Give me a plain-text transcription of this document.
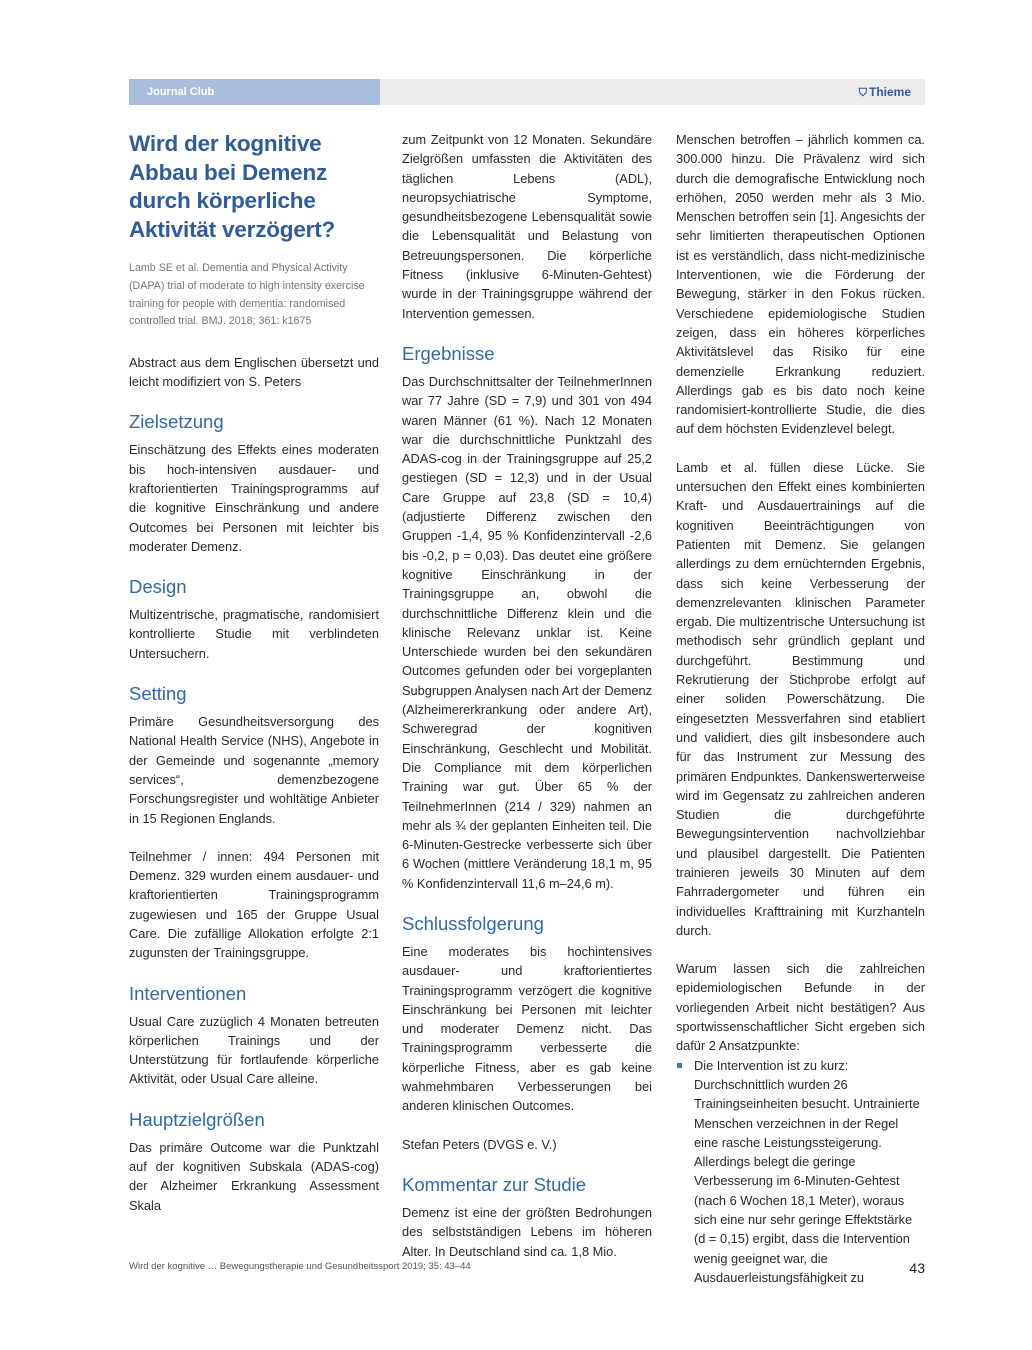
Journal Club	⛉ Thieme
Wird der kognitive Abbau bei Demenz durch körperliche Aktivität verzögert?

Lamb SE et al. Dementia and Physical Activity (DAPA) trial of moderate to high intensity exercise training for people with dementia: randomised controlled trial. BMJ. 2018; 361: k1675

Abstract aus dem Englischen übersetzt und leicht modifiziert von S. Peters

Zielsetzung

Einschätzung des Effekts eines moderaten bis hoch-intensiven ausdauer- und kraftorientierten Trainingsprogramms auf die kognitive Einschränkung und andere Outcomes bei Personen mit leichter bis moderater Demenz.

Design

Multizentrische, pragmatische, randomisiert kontrollierte Studie mit verblindeten Untersuchern.

Setting

Primäre Gesundheitsversorgung des National Health Service (NHS), Angebote in der Gemeinde und sogenannte „memory services“, demenzbezogene Forschungsregister und wohltätige Anbieter in 15 Regionen Englands.

Teilnehmer / innen: 494 Personen mit Demenz. 329 wurden einem ausdauer- und kraftorientierten Trainingsprogramm zugewiesen und 165 der Gruppe Usual Care. Die zufällige Allokation erfolgte 2:1 zugunsten der Trainingsgruppe.

Interventionen

Usual Care zuzüglich 4 Monaten betreuten körperlichen Trainings und der Unterstützung für fortlaufende körperliche Aktivität, oder Usual Care alleine.

Hauptzielgrößen

Das primäre Outcome war die Punktzahl auf der kognitiven Subskala (ADAS-cog) der Alzheimer Erkrankung Assessment Skala

zum Zeitpunkt von 12 Monaten. Sekundäre Zielgrößen umfassten die Aktivitäten des täglichen Lebens (ADL), neuropsychiatrische Symptome, gesundheitsbezogene Lebensqualität sowie die Lebensqualität und Belastung von Betreuungspersonen. Die körperliche Fitness (inklusive 6-Minuten-Gehtest) wurde in der Trainingsgruppe während der Intervention gemessen.

Ergebnisse

Das Durchschnittsalter der TeilnehmerInnen war 77 Jahre (SD = 7,9) und 301 von 494 waren Männer (61 %). Nach 12 Monaten war die durchschnittliche Punktzahl des ADAS-cog in der Trainingsgruppe auf 25,2 gestiegen (SD = 12,3) und in der Usual Care Gruppe auf 23,8 (SD = 10,4) (adjustierte Differenz zwischen den Gruppen -1,4, 95 % Konfidenzintervall -2,6 bis -0,2, p = 0,03). Das deutet eine größere kognitive Einschränkung in der Trainingsgruppe an, obwohl die durchschnittliche Differenz klein und die klinische Relevanz unklar ist. Keine Unterschiede wurden bei den sekundären Outcomes gefunden oder bei vorgeplanten Subgruppen Analysen nach Art der Demenz (Alzheimererkrankung oder andere Art), Schweregrad der kognitiven Einschränkung, Geschlecht und Mobilität. Die Compliance mit dem körperlichen Training war gut. Über 65 % der TeilnehmerInnen (214 / 329) nahmen an mehr als ¾ der geplanten Einheiten teil. Die 6-Minuten-Gestrecke verbesserte sich über 6 Wochen (mittlere Veränderung 18,1 m, 95 % Konfidenzintervall 11,6 m–24,6 m).

Schlussfolgerung

Eine moderates bis hochintensives ausdauer- und kraftorientiertes Trainingsprogramm verzögert die kognitive Einschränkung bei Personen mit leichter und moderater Demenz nicht. Das Trainingsprogramm verbesserte die körperliche Fitness, aber es gab keine wahmehmbaren Verbesserungen bei anderen klinischen Outcomes.

Stefan Peters (DVGS e. V.)

Kommentar zur Studie

Demenz ist eine der größten Bedrohungen des selbstständigen Lebens im höheren Alter. In Deutschland sind ca. 1,8 Mio.

Menschen betroffen – jährlich kommen ca. 300.000 hinzu. Die Prävalenz wird sich durch die demografische Entwicklung noch erhöhen, 2050 werden mehr als 3 Mio. Menschen betroffen sein [1]. Angesichts der sehr limitierten therapeutischen Optionen ist es verständlich, dass nicht-medizinische Interventionen, wie die Förderung der Bewegung, stärker in den Fokus rücken. Verschiedene epidemiologische Studien zeigen, dass ein höheres körperliches Aktivitätslevel das Risiko für eine demenzielle Erkrankung reduziert. Allerdings gab es bis dato noch keine randomisiert-kontrollierte Studie, die dies auf dem höchsten Evidenzlevel belegt.

Lamb et al. füllen diese Lücke. Sie untersuchen den Effekt eines kombinierten Kraft- und Ausdauertrainings auf die kognitiven Beeinträchtigungen von Patienten mit Demenz. Sie gelangen allerdings zu dem ernüchternden Ergebnis, dass sich keine Verbesserung der demenzrelevanten klinischen Parameter ergab. Die multizentrische Untersuchung ist methodisch sehr gründlich geplant und durchgeführt. Bestimmung und Rekrutierung der Stichprobe erfolgt auf einer soliden Powerschätzung. Die eingesetzten Messverfahren sind etabliert und validiert, dies gilt insbesondere auch für das Instrument zur Messung des primären Endpunktes. Dankenswerterweise wird im Gegensatz zu zahlreichen anderen Studien die durchgeführte Bewegungsintervention nachvollziehbar und plausibel dargestellt. Die Patienten trainieren jeweils 30 Minuten auf dem Fahrradergometer und führen ein individuelles Krafttraining mit Kurzhanteln durch.

Warum lassen sich die zahlreichen epidemiologischen Befunde in der vorliegenden Arbeit nicht bestätigen? Aus sportwissenschaftlicher Sicht ergeben sich dafür 2 Ansatzpunkte:

Die Intervention ist zu kurz: Durchschnittlich wurden 26 Trainingseinheiten besucht. Untrainierte Menschen verzeichnen in der Regel eine rasche Leistungssteigerung. Allerdings belegt die geringe Verbesserung im 6-Minuten-Gehtest (nach 6 Wochen 18,1 Meter), woraus sich eine nur sehr geringe Effektstärke (d = 0,15) ergibt, dass die Intervention wenig geeignet war, die Ausdauerleistungsfähigkeit zu
Wird der kognitive … Bewegungstherapie und Gesundheitssport 2019; 35: 43–44	43
